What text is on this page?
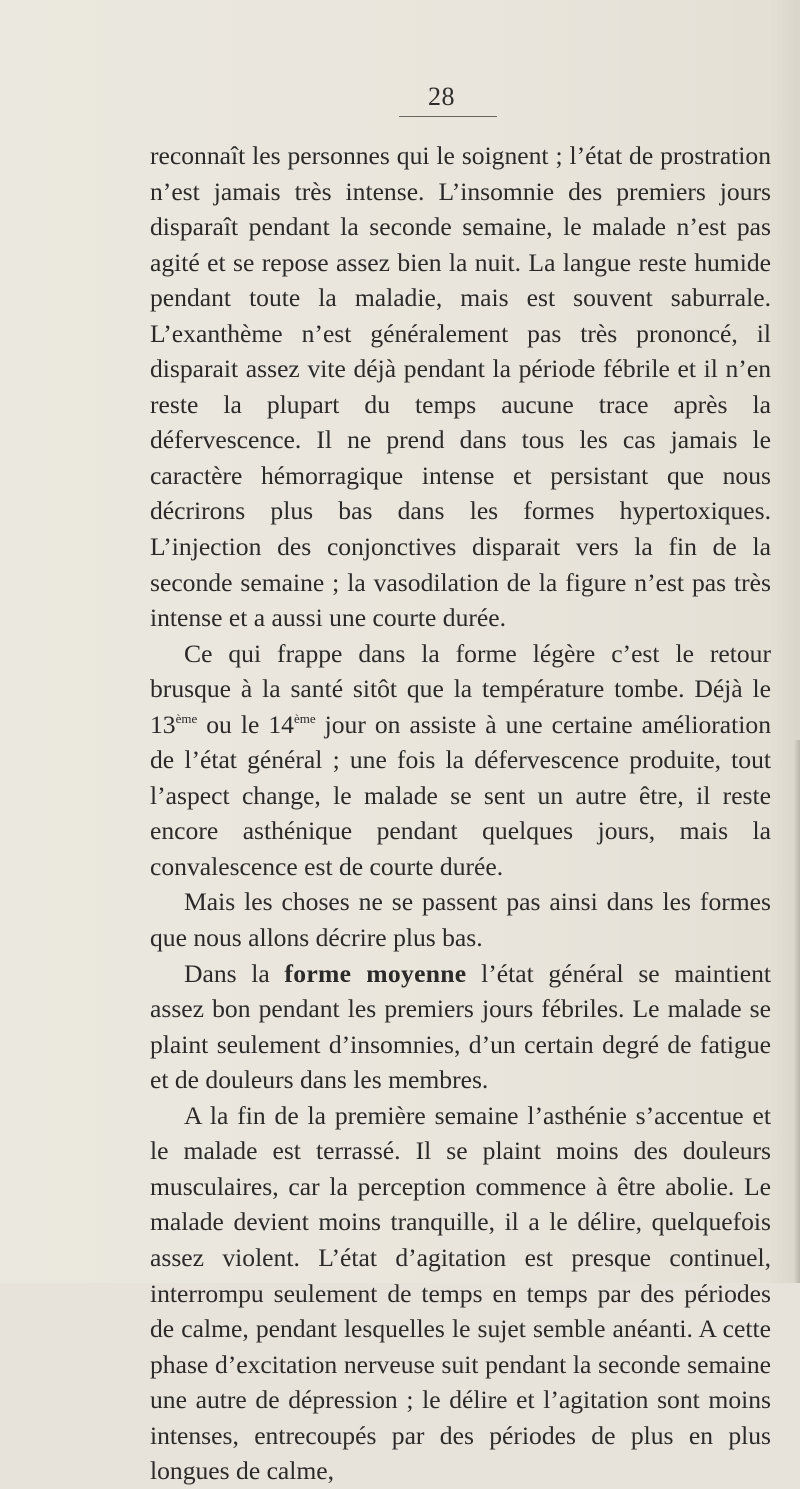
28

reconnaît les personnes qui le soignent ; l’état de prostration n’est jamais très intense. L’insomnie des premiers jours disparaît pendant la seconde semaine, le malade n’est pas agité et se repose assez bien la nuit. La langue reste humide pendant toute la maladie, mais est souvent saburrale. L’exanthème n’est généralement pas très prononcé, il disparait assez vite déjà pendant la période fébrile et il n’en reste la plupart du temps aucune trace après la défervescence. Il ne prend dans tous les cas jamais le caractère hémorragique intense et persistant que nous décrirons plus bas dans les formes hypertoxiques. L’injection des conjonctives disparait vers la fin de la seconde semaine ; la vasodilation de la figure n’est pas très intense et a aussi une courte durée.

Ce qui frappe dans la forme légère c’est le retour brusque à la santé sitôt que la température tombe. Déjà le 13ème ou le 14ème jour on assiste à une certaine amélioration de l’état général ; une fois la défervescence produite, tout l’aspect change, le malade se sent un autre être, il reste encore asthénique pendant quelques jours, mais la convalescence est de courte durée.

Mais les choses ne se passent pas ainsi dans les formes que nous allons décrire plus bas.

Dans la forme moyenne l’état général se maintient assez bon pendant les premiers jours fébriles. Le malade se plaint seulement d’insomnies, d’un certain degré de fatigue et de douleurs dans les membres.

A la fin de la première semaine l’asthénie s’accentue et le malade est terrassé. Il se plaint moins des douleurs musculaires, car la perception commence à être abolie. Le malade devient moins tranquille, il a le délire, quelquefois assez violent. L’état d’agitation est presque continuel, interrompu seulement de temps en temps par des périodes de calme, pendant lesquelles le sujet semble anéanti. A cette phase d’excitation nerveuse suit pendant la seconde semaine une autre de dépression ; le délire et l’agitation sont moins intenses, entrecoupés par des périodes de plus en plus longues de calme,
